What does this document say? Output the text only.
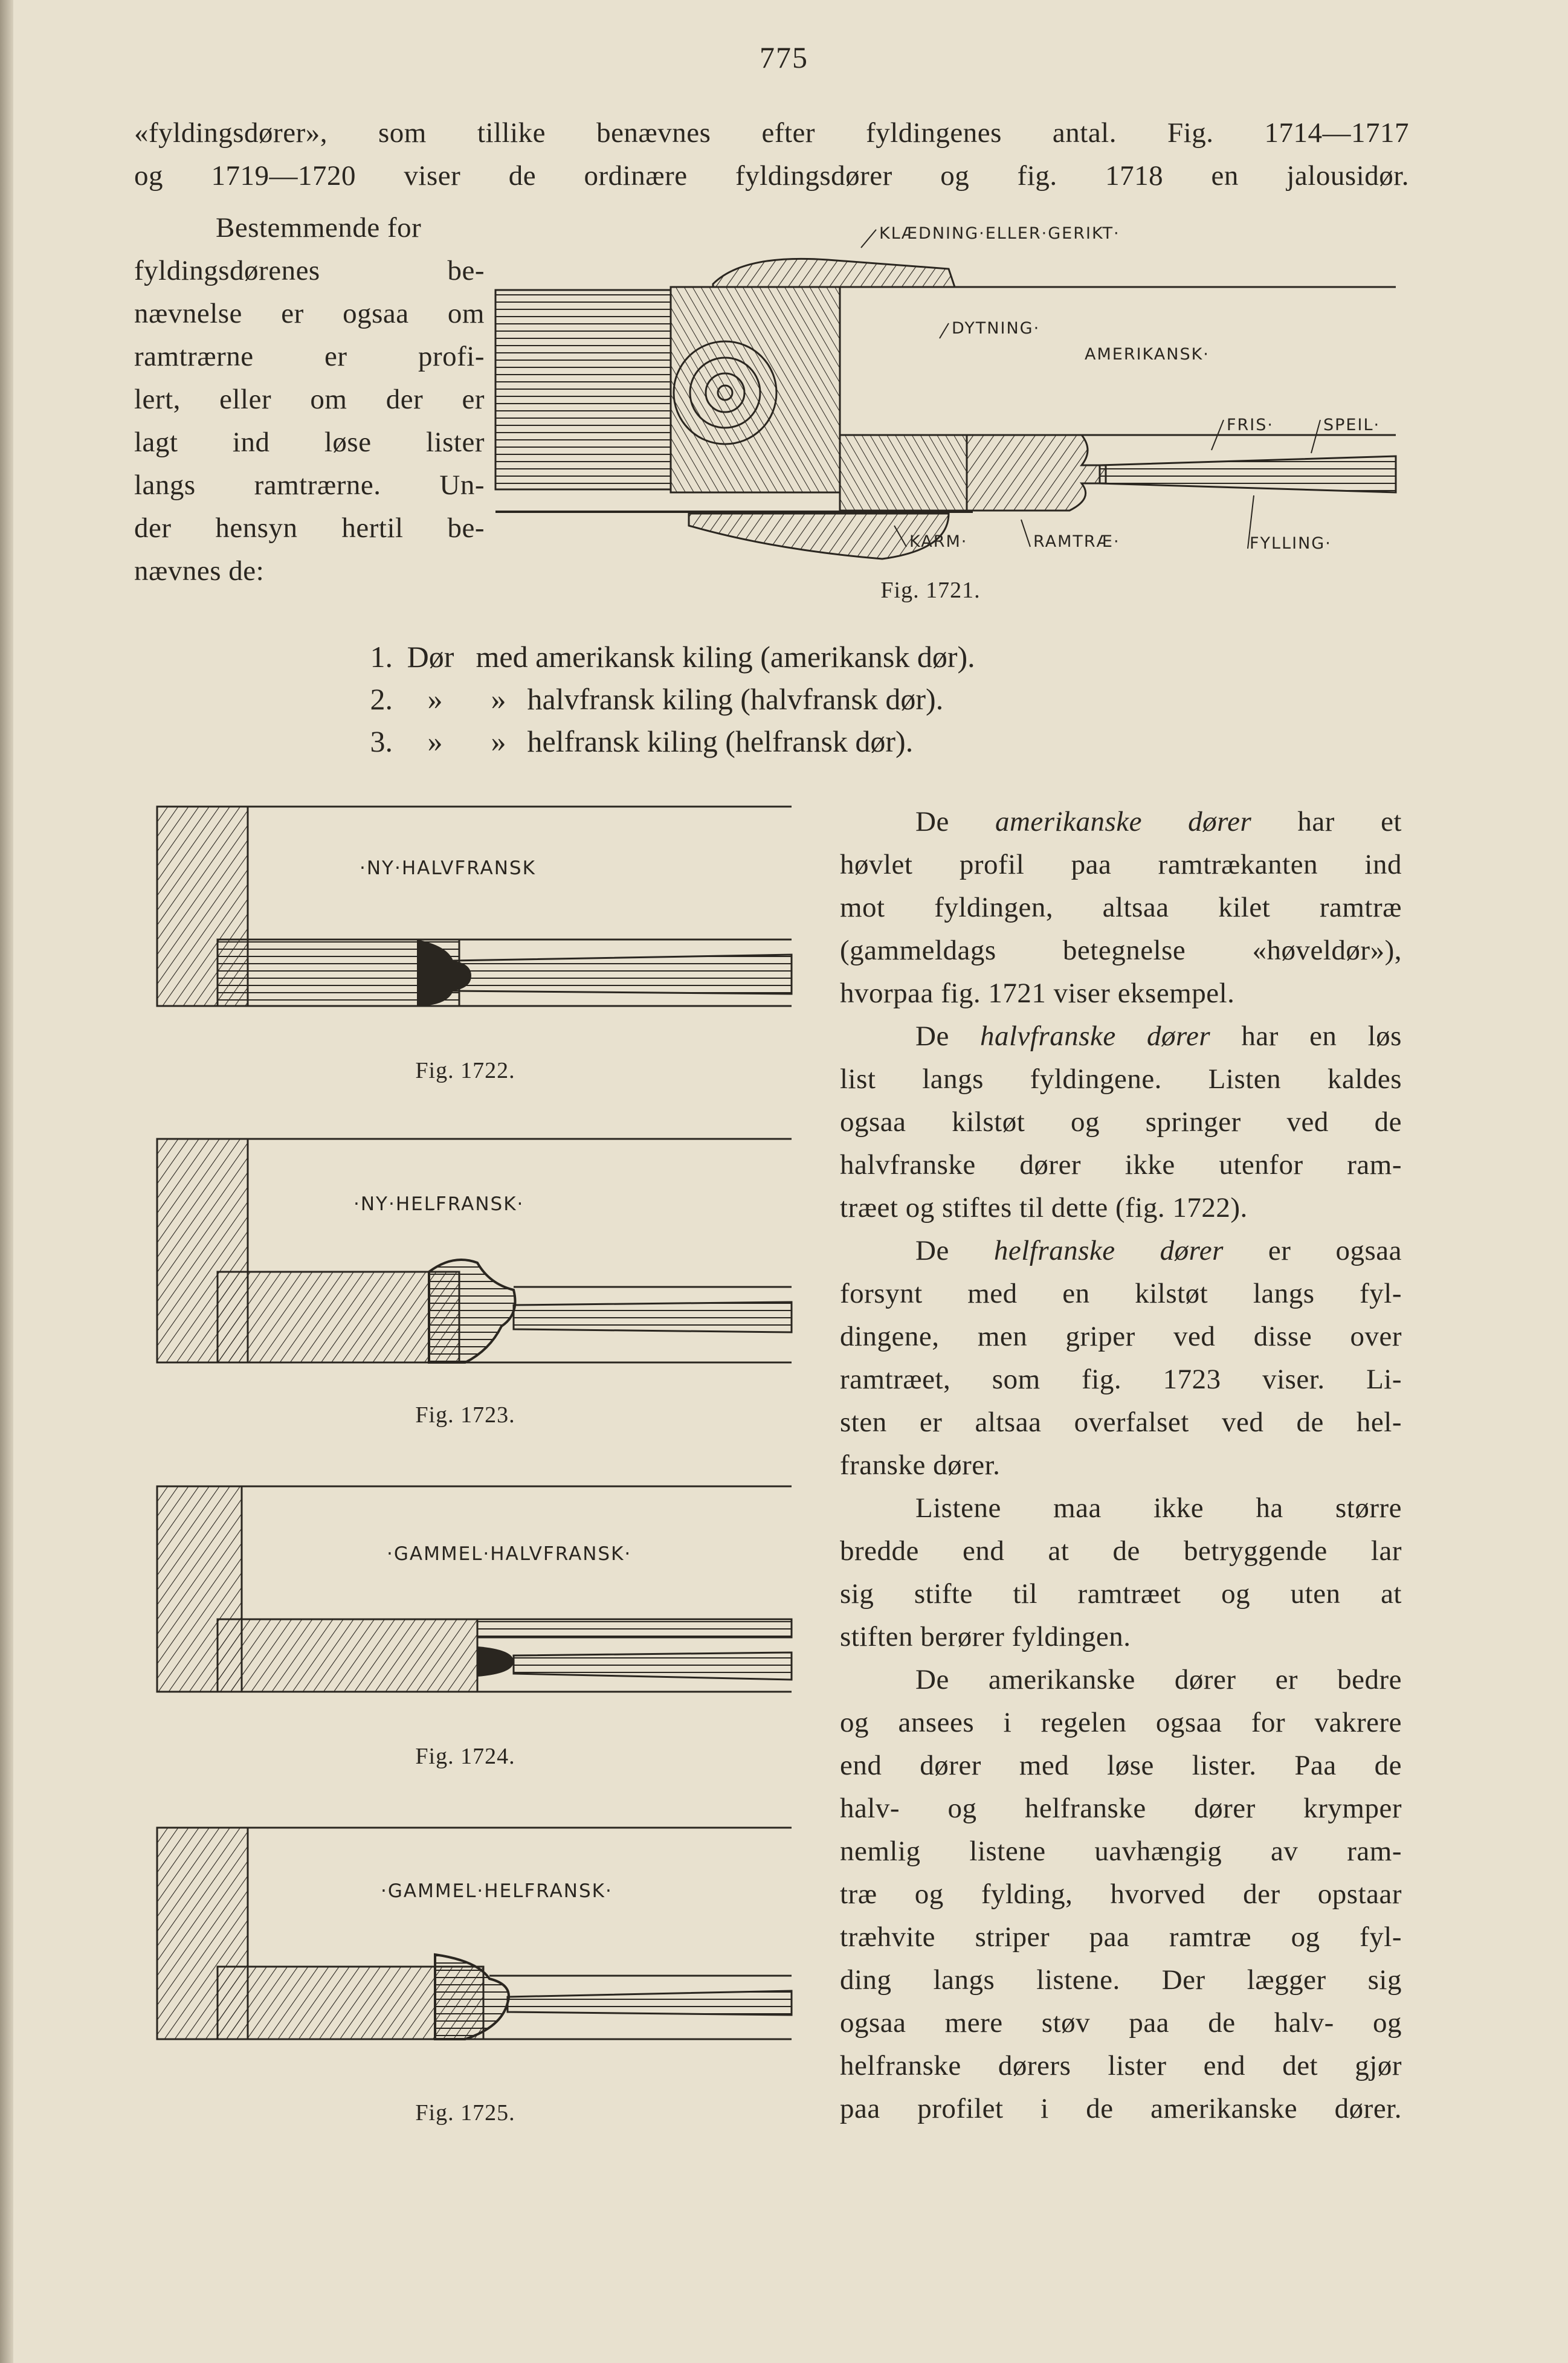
775
«fyldingsdører», som tillike benævnes efter fyldingenes antal. Fig. 1714—1717
og 1719—1720 viser de ordinære fyldingsdører og fig. 1718 en jalousidør.
Bestemmende for
fyldingsdørenes be-
nævnelse er ogsaa om
ramtrærne er profi-
lert, eller om der er
lagt ind løse lister
langs ramtrærne. Un-
der hensyn hertil be-
nævnes de:
KLÆDNING·ELLER·GERIKT·
DYTNING·
AMERIKANSK·
FRIS·	SPEIL·
KARM·	RAMTRÆ·	FYLLING·
Fig. 1721.
1. Dør med amerikansk kiling (amerikansk dør).
2. » » halvfransk kiling (halvfransk dør).
3. » » helfransk kiling (helfransk dør).
·NY·HALVFRANSK
Fig. 1722.
·NY·HELFRANSK·
Fig. 1723.
·GAMMEL·HALVFRANSK·
Fig. 1724.
·GAMMEL·HELFRANSK·
Fig. 1725.
De amerikanske dører har et
høvlet profil paa ramtrækanten ind
mot fyldingen, altsaa kilet ramtræ
(gammeldags betegnelse «høveldør»),
hvorpaa fig. 1721 viser eksempel.
De halvfranske dører har en løs
list langs fyldingene. Listen kaldes
ogsaa kilstøt og springer ved de
halvfranske dører ikke utenfor ram-
træet og stiftes til dette (fig. 1722).
De helfranske dører er ogsaa
forsynt med en kilstøt langs fyl-
dingene, men griper ved disse over
ramtræet, som fig. 1723 viser. Li-
sten er altsaa overfalset ved de hel-
franske dører.
Listene maa ikke ha større
bredde end at de betryggende lar
sig stifte til ramtræet og uten at
stiften berører fyldingen.
De amerikanske dører er bedre
og ansees i regelen ogsaa for vakrere
end dører med løse lister. Paa de
halv- og helfranske dører krymper
nemlig listene uavhængig av ram-
træ og fylding, hvorved der opstaar
træhvite striper paa ramtræ og fyl-
ding langs listene. Der lægger sig
ogsaa mere støv paa de halv- og
helfranske dørers lister end det gjør
paa profilet i de amerikanske dører.
